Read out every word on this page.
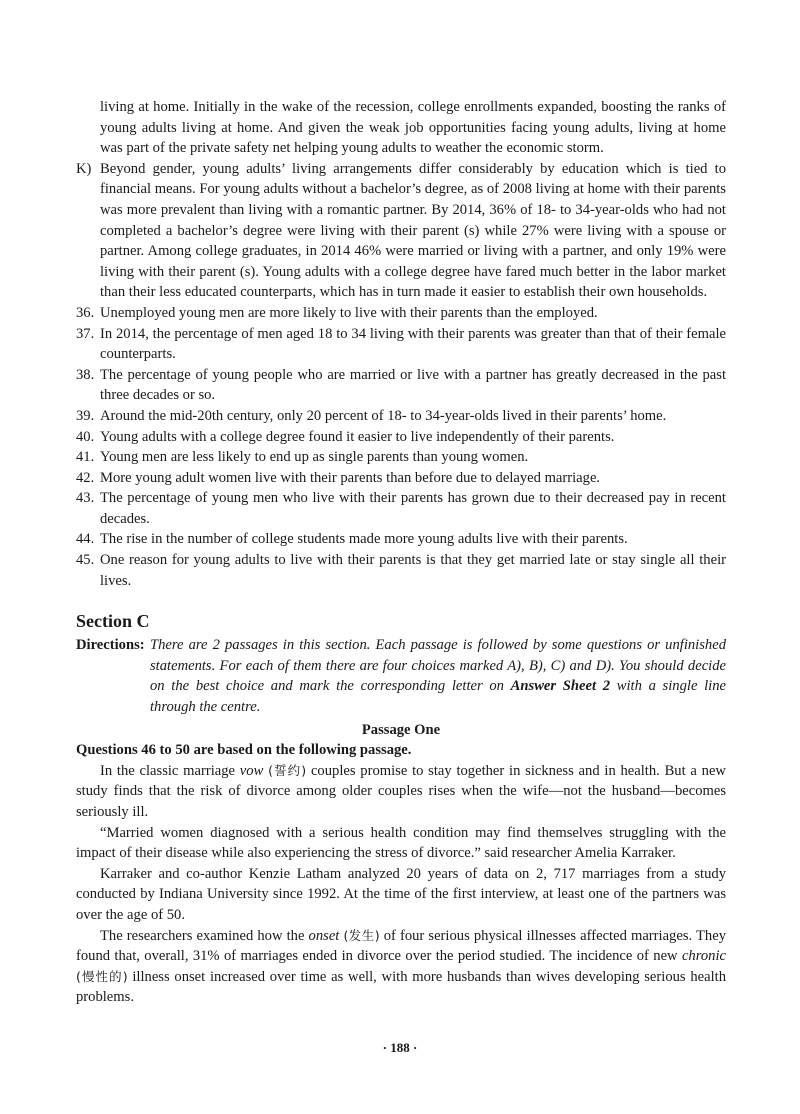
living at home. Initially in the wake of the recession, college enrollments expanded, boosting the ranks of young adults living at home. And given the weak job opportunities facing young adults, living at home was part of the private safety net helping young adults to weather the economic storm.
K) Beyond gender, young adults’ living arrangements differ considerably by education which is tied to financial means. For young adults without a bachelor’s degree, as of 2008 living at home with their parents was more prevalent than living with a romantic partner. By 2014, 36% of 18- to 34-year-olds who had not completed a bachelor’s degree were living with their parent (s) while 27% were living with a spouse or partner. Among college graduates, in 2014 46% were married or living with a partner, and only 19% were living with their parent (s). Young adults with a college degree have fared much better in the labor market than their less educated counterparts, which has in turn made it easier to establish their own households.
36. Unemployed young men are more likely to live with their parents than the employed.
37. In 2014, the percentage of men aged 18 to 34 living with their parents was greater than that of their female counterparts.
38. The percentage of young people who are married or live with a partner has greatly decreased in the past three decades or so.
39. Around the mid-20th century, only 20 percent of 18- to 34-year-olds lived in their parents’ home.
40. Young adults with a college degree found it easier to live independently of their parents.
41. Young men are less likely to end up as single parents than young women.
42. More young adult women live with their parents than before due to delayed marriage.
43. The percentage of young men who live with their parents has grown due to their decreased pay in recent decades.
44. The rise in the number of college students made more young adults live with their parents.
45. One reason for young adults to live with their parents is that they get married late or stay single all their lives.
Section C
Directions: There are 2 passages in this section. Each passage is followed by some questions or unfinished statements. For each of them there are four choices marked A), B), C) and D). You should decide on the best choice and mark the corresponding letter on Answer Sheet 2 with a single line through the centre.
Passage One
Questions 46 to 50 are based on the following passage.
In the classic marriage vow (誓约) couples promise to stay together in sickness and in health. But a new study finds that the risk of divorce among older couples rises when the wife—not the husband—becomes seriously ill.
“Married women diagnosed with a serious health condition may find themselves struggling with the impact of their disease while also experiencing the stress of divorce.” said researcher Amelia Karraker.
Karraker and co-author Kenzie Latham analyzed 20 years of data on 2, 717 marriages from a study conducted by Indiana University since 1992. At the time of the first interview, at least one of the partners was over the age of 50.
The researchers examined how the onset (发生) of four serious physical illnesses affected marriages. They found that, overall, 31% of marriages ended in divorce over the period studied. The incidence of new chronic (慢性的) illness onset increased over time as well, with more husbands than wives developing serious health problems.
· 188 ·
